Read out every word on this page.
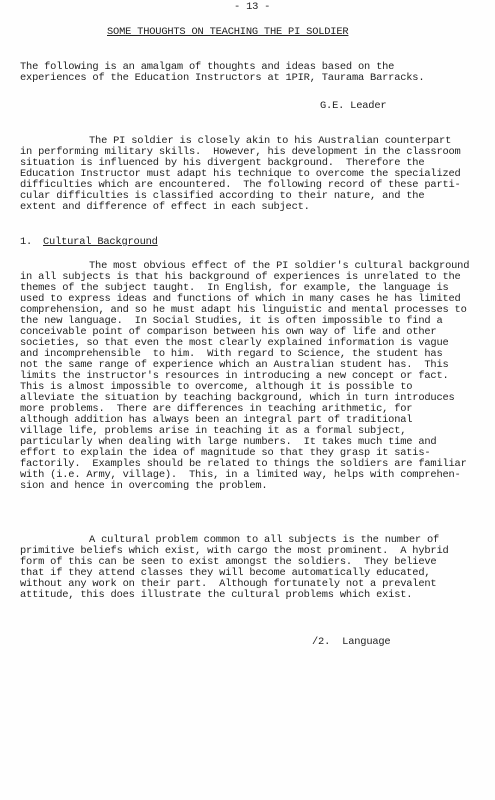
- 13 -
SOME THOUGHTS ON TEACHING THE PI SOLDIER
The following is an amalgam of thoughts and ideas based on the
experiences of the Education Instructors at 1PIR, Taurama Barracks.
G.E. Leader
The PI soldier is closely akin to his Australian counterpart
in performing military skills.  However, his development in the classroom
situation is influenced by his divergent background.  Therefore the
Education Instructor must adapt his technique to overcome the specialized
difficulties which are encountered.  The following record of these parti-
cular difficulties is classified according to their nature, and the
extent and difference of effect in each subject.
1. Cultural Background
The most obvious effect of the PI soldier's cultural background
in all subjects is that his background of experiences is unrelated to the
themes of the subject taught.  In English, for example, the language is
used to express ideas and functions of which in many cases he has limited
comprehension, and so he must adapt his linguistic and mental processes to
the new language.  In Social Studies, it is often impossible to find a
conceivable point of comparison between his own way of life and other
societies, so that even the most clearly explained information is vague
and incomprehensible  to him.  With regard to Science, the student has
not the same range of experience which an Australian student has.  This
limits the instructor's resources in introducing a new concept or fact.
This is almost impossible to overcome, although it is possible to
alleviate the situation by teaching background, which in turn introduces
more problems.  There are differences in teaching arithmetic, for
although addition has always been an integral part of traditional
village life, problems arise in teaching it as a formal subject,
particularly when dealing with large numbers.  It takes much time and
effort to explain the idea of magnitude so that they grasp it satis-
factorily.  Examples should be related to things the soldiers are familiar
with (i.e. Army, village).  This, in a limited way, helps with comprehen-
sion and hence in overcoming the problem.
A cultural problem common to all subjects is the number of
primitive beliefs which exist, with cargo the most prominent.  A hybrid
form of this can be seen to exist amongst the soldiers.  They believe
that if they attend classes they will become automatically educated,
without any work on their part.  Although fortunately not a prevalent
attitude, this does illustrate the cultural problems which exist.
/2.  Language
